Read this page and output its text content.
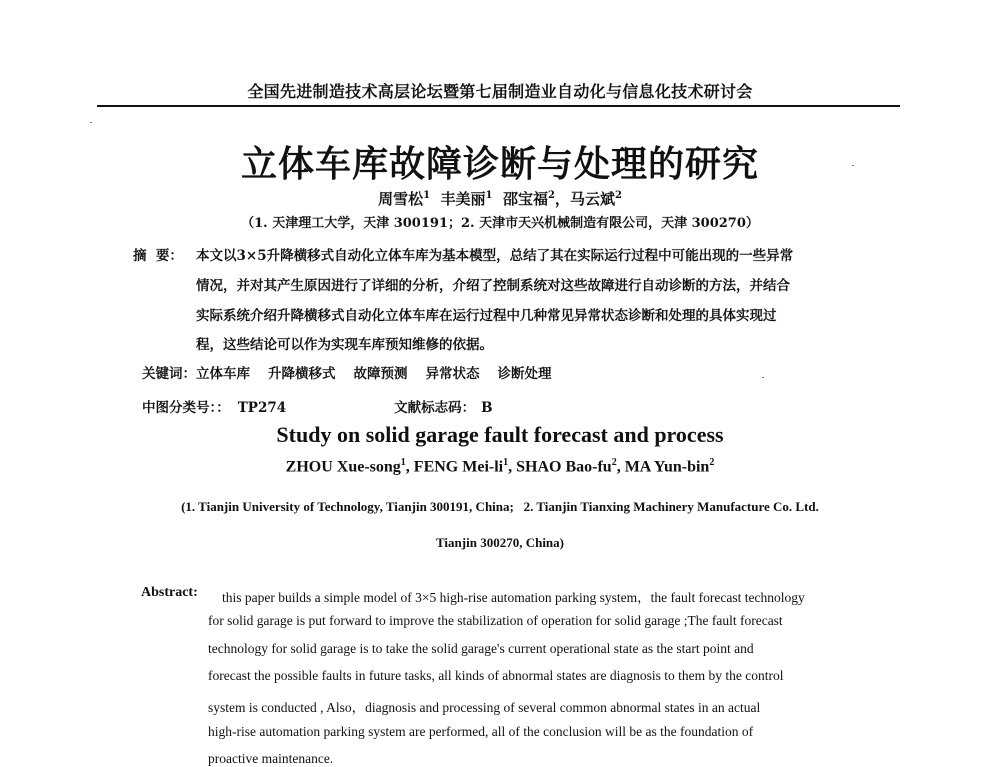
全国先进制造技术高层论坛暨第七届制造业自动化与信息化技术研讨会
立体车库故障诊断与处理的研究
周雪松$^1$ 丰美丽$^1$ 邵宝福$^2$，马云斌$^2$
（1. 天津理工大学，天津 300191；2. 天津市天兴机械制造有限公司，天津 300270）
摘  要： 本文以3×5升降横移式自动化立体车库为基本模型，总结了其在实际运行过程中可能出现的一些异常
情况，并对其产生原因进行了详细的分析，介绍了控制系统对这些故障进行自动诊断的方法，并结合
实际系统介绍升降横移式自动化立体车库在运行过程中几种常见异常状态诊断和处理的具体实现过
程，这些结论可以作为实现车库预知维修的依据。
关键词：立体车库 升降横移式 故障预测 异常状态 诊断处理
中图分类号：： TP274	文献标志码： B
Study on solid garage fault forecast and process
ZHOU Xue-song$^1$, FENG Mei-$li^1$, SHAO Bao-$fu^2$, MA Yun-bin$^2$
(1. Tianjin University of Technology, Tianjin 300191, China;   2. Tianjin Tianxing Machinery Manufacture Co. Ltd.
Tianjin 300270, China)
Abstract: this paper builds a simple model of 3×5 high-rise automation parking system，the fault forecast technology
for solid garage is put forward to improve the stabilization of operation for solid garage ;The fault forecast
technology for solid garage is to take the solid garage's current operational state as the start point and
forecast the possible faults in future tasks, all kinds of abnormal states are diagnosis to them by the control
system is conducted , Also，diagnosis and processing of several common abnormal states in an actual
high-rise automation parking system are performed, all of the conclusion will be as the foundation of
proactive maintenance.
